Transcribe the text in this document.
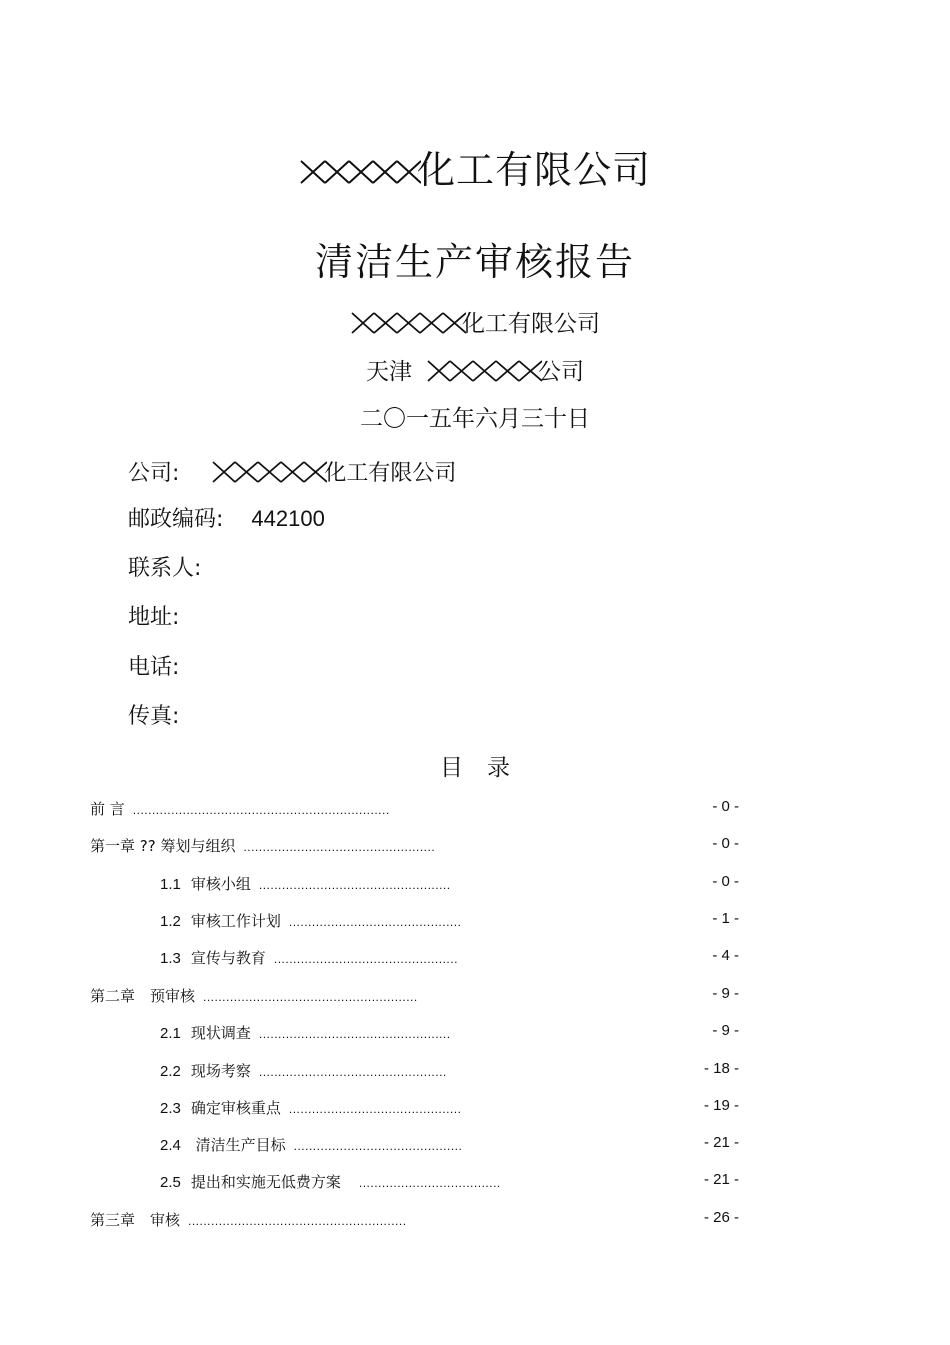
化工有限公司
清洁生产审核报告
化工有限公司
天津	公司
二〇一五年六月三十日
公司:	化工有限公司
邮政编码: 442100
联系人:
地址:
电话:
传真:
目录
前 言 ...................................................................	- 0 -
第一章 ?? 筹划与组织 ..................................................	- 0 -
1.1 审核小组 ..................................................	- 0 -
1.2 审核工作计划 .............................................	- 1 -
1.3 宣传与教育 ................................................	- 4 -
第二章　预审核 ........................................................	- 9 -
2.1 现状调查 ..................................................	- 9 -
2.2 现场考察 .................................................	- 18 -
2.3 确定审核重点 .............................................	- 19 -
2.4 清洁生产目标 ............................................	- 21 -
2.5 提出和实施无低费方案 .....................................	- 21 -
第三章　审核 .........................................................	- 26 -
